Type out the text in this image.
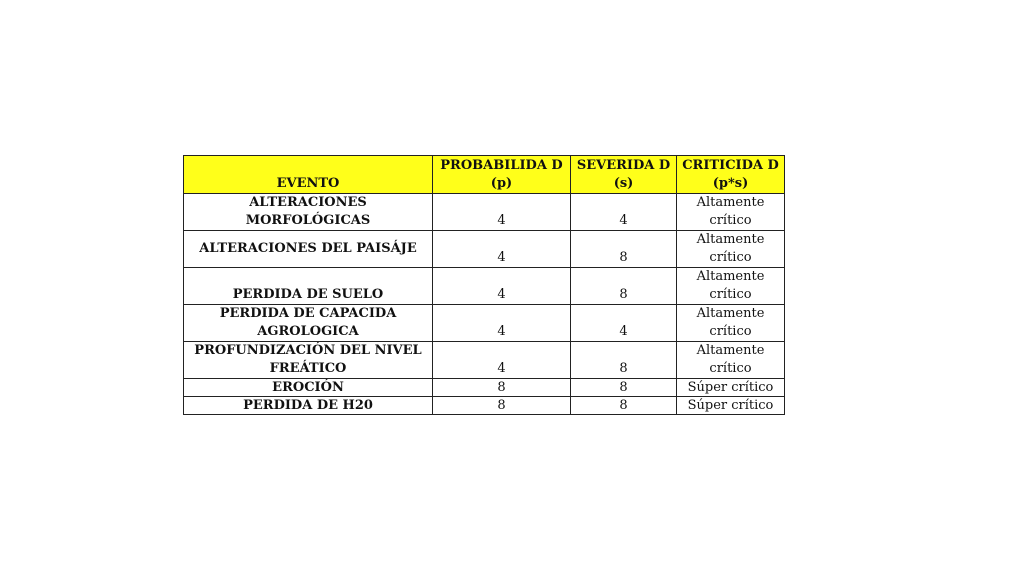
EVENTO	PROBABILIDA D (p)	SEVERIDA D (s)	CRITICIDA D (p*s)
ALTERACIONES MORFOLÓGICAS	4	4	Altamente crítico
ALTERACIONES DEL PAISÁJE	4	8	Altamente crítico
PERDIDA DE SUELO	4	8	Altamente crítico
PERDIDA DE CAPACIDA AGROLOGICA	4	4	Altamente crítico
PROFUNDIZACIÓN DEL NIVEL FREÁTICO	4	8	Altamente crítico
EROCIÓN	8	8	Súper crítico
PERDIDA DE H20	8	8	Súper crítico
